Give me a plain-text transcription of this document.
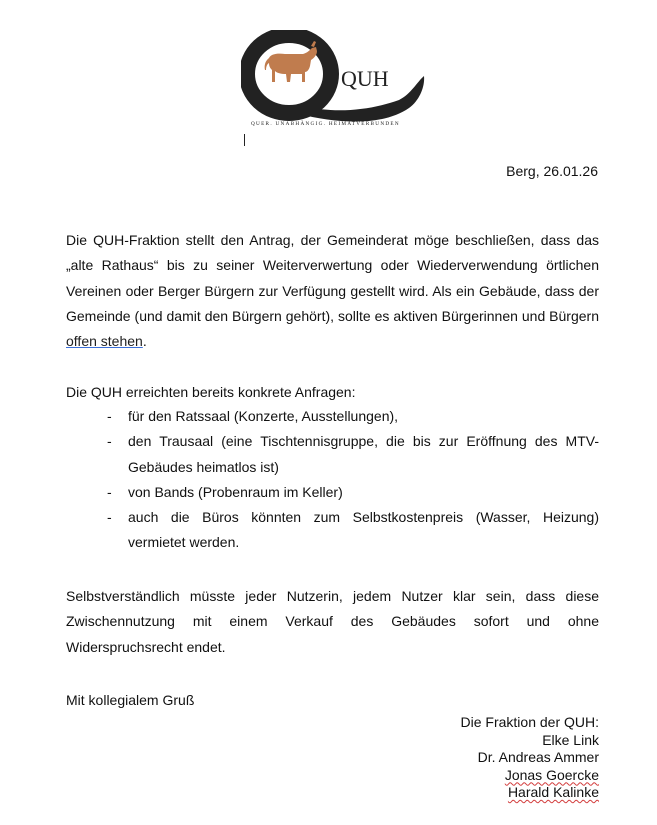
QUH
QUER. UNABHÄNGIG. HEIMATVERBUNDEN
Berg, 26.01.26

Die QUH-Fraktion stellt den Antrag, der Gemeinderat möge beschließen, dass das „alte Rathaus“ bis zu seiner Weiterverwertung oder Wiederverwendung örtlichen Vereinen oder Berger Bürgern zur Verfügung gestellt wird. Als ein Gebäude, dass der Gemeinde (und damit den Bürgern gehört), sollte es aktiven Bürgerinnen und Bürgern offen stehen.

Die QUH erreichten bereits konkrete Anfragen:

- für den Ratssaal (Konzerte, Ausstellungen),
- den Trausaal (eine Tischtennisgruppe, die bis zur Eröffnung des MTV-Gebäudes heimatlos ist)
- von Bands (Probenraum im Keller)
- auch die Büros könnten zum Selbstkostenpreis (Wasser, Heizung) vermietet werden.

Selbstverständlich müsste jeder Nutzerin, jedem Nutzer klar sein, dass diese Zwischennutzung mit einem Verkauf des Gebäudes sofort und ohne Widerspruchsrecht endet.

Mit kollegialem Gruß

Die Fraktion der QUH:
Elke Link
Dr. Andreas Ammer
Jonas Goercke
Harald Kalinke
